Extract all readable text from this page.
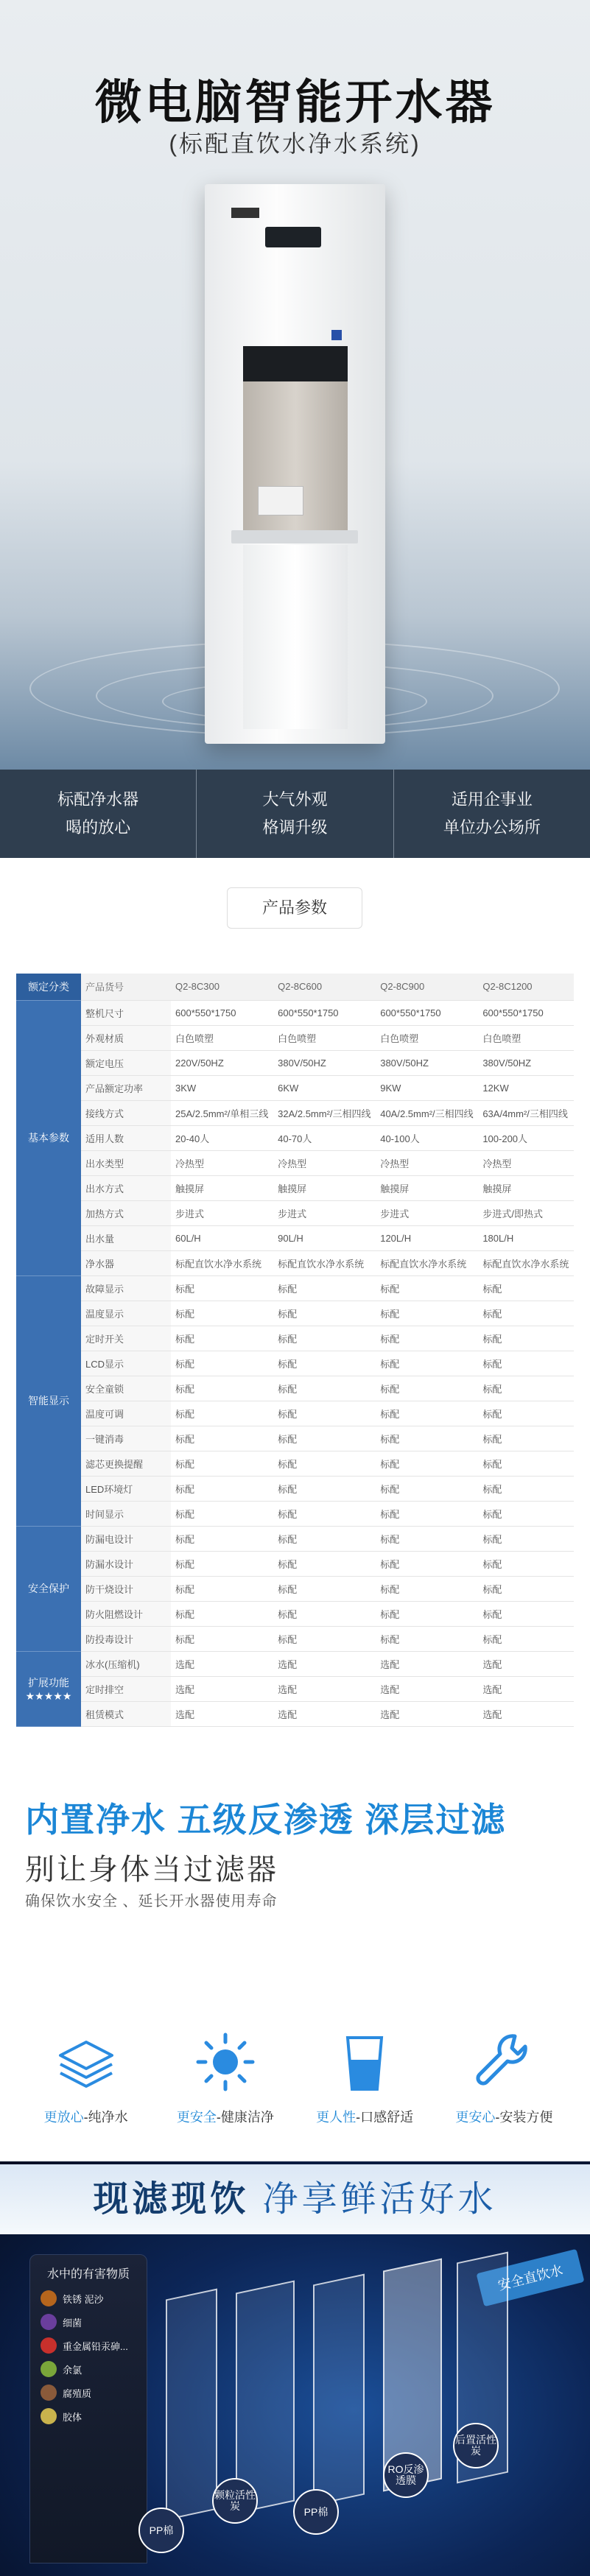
微电脑智能开水器
(标配直饮水净水系统)
标配净水器
喝的放心
大气外观
格调升级
适用企事业
单位办公场所
产品参数
额定分类	产品货号	Q2-8C300	Q2-8C600	Q2-8C900	Q2-8C1200
基本参数	整机尺寸	600*550*1750	600*550*1750	600*550*1750	600*550*1750
	外观材质	白色喷塑	白色喷塑	白色喷塑	白色喷塑
	额定电压	220V/50HZ	380V/50HZ	380V/50HZ	380V/50HZ
	产品额定功率	3KW	6KW	9KW	12KW
	接线方式	25A/2.5mm²/单相三线	32A/2.5mm²/三相四线	40A/2.5mm²/三相四线	63A/4mm²/三相四线
	适用人数	20-40人	40-70人	40-100人	100-200人
	出水类型	冷热型	冷热型	冷热型	冷热型
	出水方式	触摸屏	触摸屏	触摸屏	触摸屏
	加热方式	步进式	步进式	步进式	步进式/即热式
	出水量	60L/H	90L/H	120L/H	180L/H
	净水器	标配直饮水净水系统	标配直饮水净水系统	标配直饮水净水系统	标配直饮水净水系统
智能显示	故障显示	标配	标配	标配	标配
	温度显示	标配	标配	标配	标配
	定时开关	标配	标配	标配	标配
	LCD显示	标配	标配	标配	标配
	安全童锁	标配	标配	标配	标配
	温度可调	标配	标配	标配	标配
	一键消毒	标配	标配	标配	标配
	滤芯更换提醒	标配	标配	标配	标配
	LED环境灯	标配	标配	标配	标配
	时间显示	标配	标配	标配	标配
安全保护	防漏电设计	标配	标配	标配	标配
	防漏水设计	标配	标配	标配	标配
	防干烧设计	标配	标配	标配	标配
	防火阻燃设计	标配	标配	标配	标配
	防投毒设计	标配	标配	标配	标配
扩展功能 ★★★★★	冰水(压缩机)	选配	选配	选配	选配
	定时排空	选配	选配	选配	选配
	租赁模式	选配	选配	选配	选配
内置净水 五级反渗透 深层过滤
别让身体当过滤器
确保饮水安全 、延长开水器使用寿命
更放心-纯净水	更安全-健康洁净	更人性-口感舒适	更安心-安装方便
现滤现饮 净享鲜活好水
水中的有害物质
铁锈 泥沙
细菌
重金属铅汞砷...
余氯
腐殖质
胶体
安全直饮水
PP棉
颗粒活性炭	PP棉
RO反渗透膜
后置活性炭
